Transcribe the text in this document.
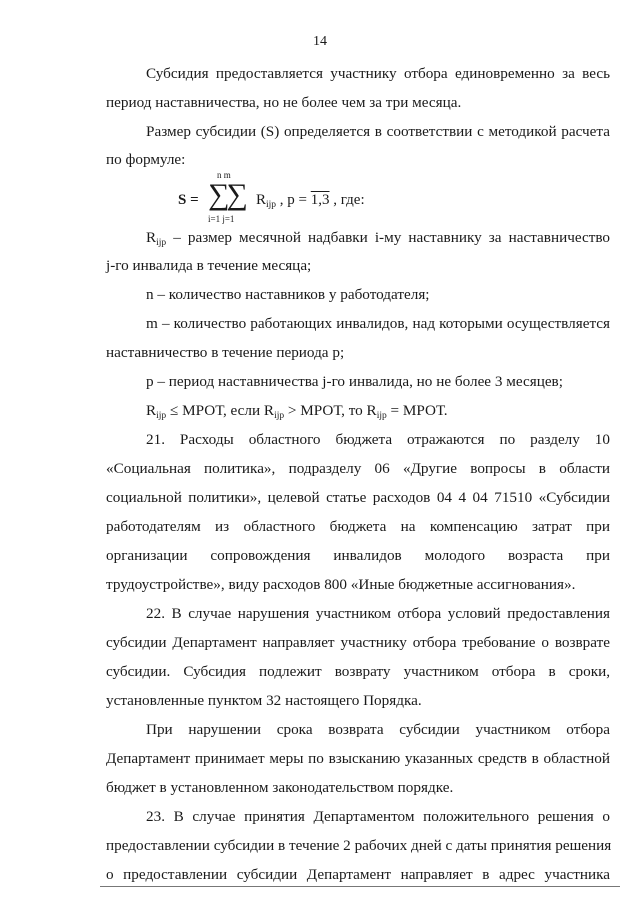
14

Субсидия предоставляется участнику отбора единовременно за весь

период наставничества, но не более чем за три месяца.

Размер субсидии (S) определяется в соответствии с методикой расчета

по формуле:

n m
S = ∑∑
i=1 j=1
$R_{ijp}$ , p = 1,3 , где:

$R_{ijp}$ – размер месячной надбавки i-му наставнику за наставничество

j-го инвалида в течение месяца;

n – количество наставников у работодателя;

m – количество работающих инвалидов, над которыми осуществляется

наставничество в течение периода p;

p – период наставничества j-го инвалида, но не более 3 месяцев;

$R_{ijp}$ ≤ МРОТ, если $R_{ijp}$ > МРОТ, то $R_{ijp}$ = МРОТ.

21. Расходы областного бюджета отражаются по разделу 10

«Социальная политика», подразделу 06 «Другие вопросы в области

социальной политики», целевой статье расходов 04 4 04 71510 «Субсидии

работодателям из областного бюджета на компенсацию затрат при

организации сопровождения инвалидов молодого возраста при

трудоустройстве», виду расходов 800 «Иные бюджетные ассигнования».

22. В случае нарушения участником отбора условий предоставления

субсидии Департамент направляет участнику отбора требование о возврате

субсидии. Субсидия подлежит возврату участником отбора в сроки,

установленные пунктом 32 настоящего Порядка.

При нарушении срока возврата субсидии участником отбора

Департамент принимает меры по взысканию указанных средств в областной

бюджет в установленном законодательством порядке.

23. В случае принятия Департаментом положительного решения о

предоставлении субсидии в течение 2 рабочих дней с даты принятия решения

о предоставлении субсидии Департамент направляет в адрес участника
